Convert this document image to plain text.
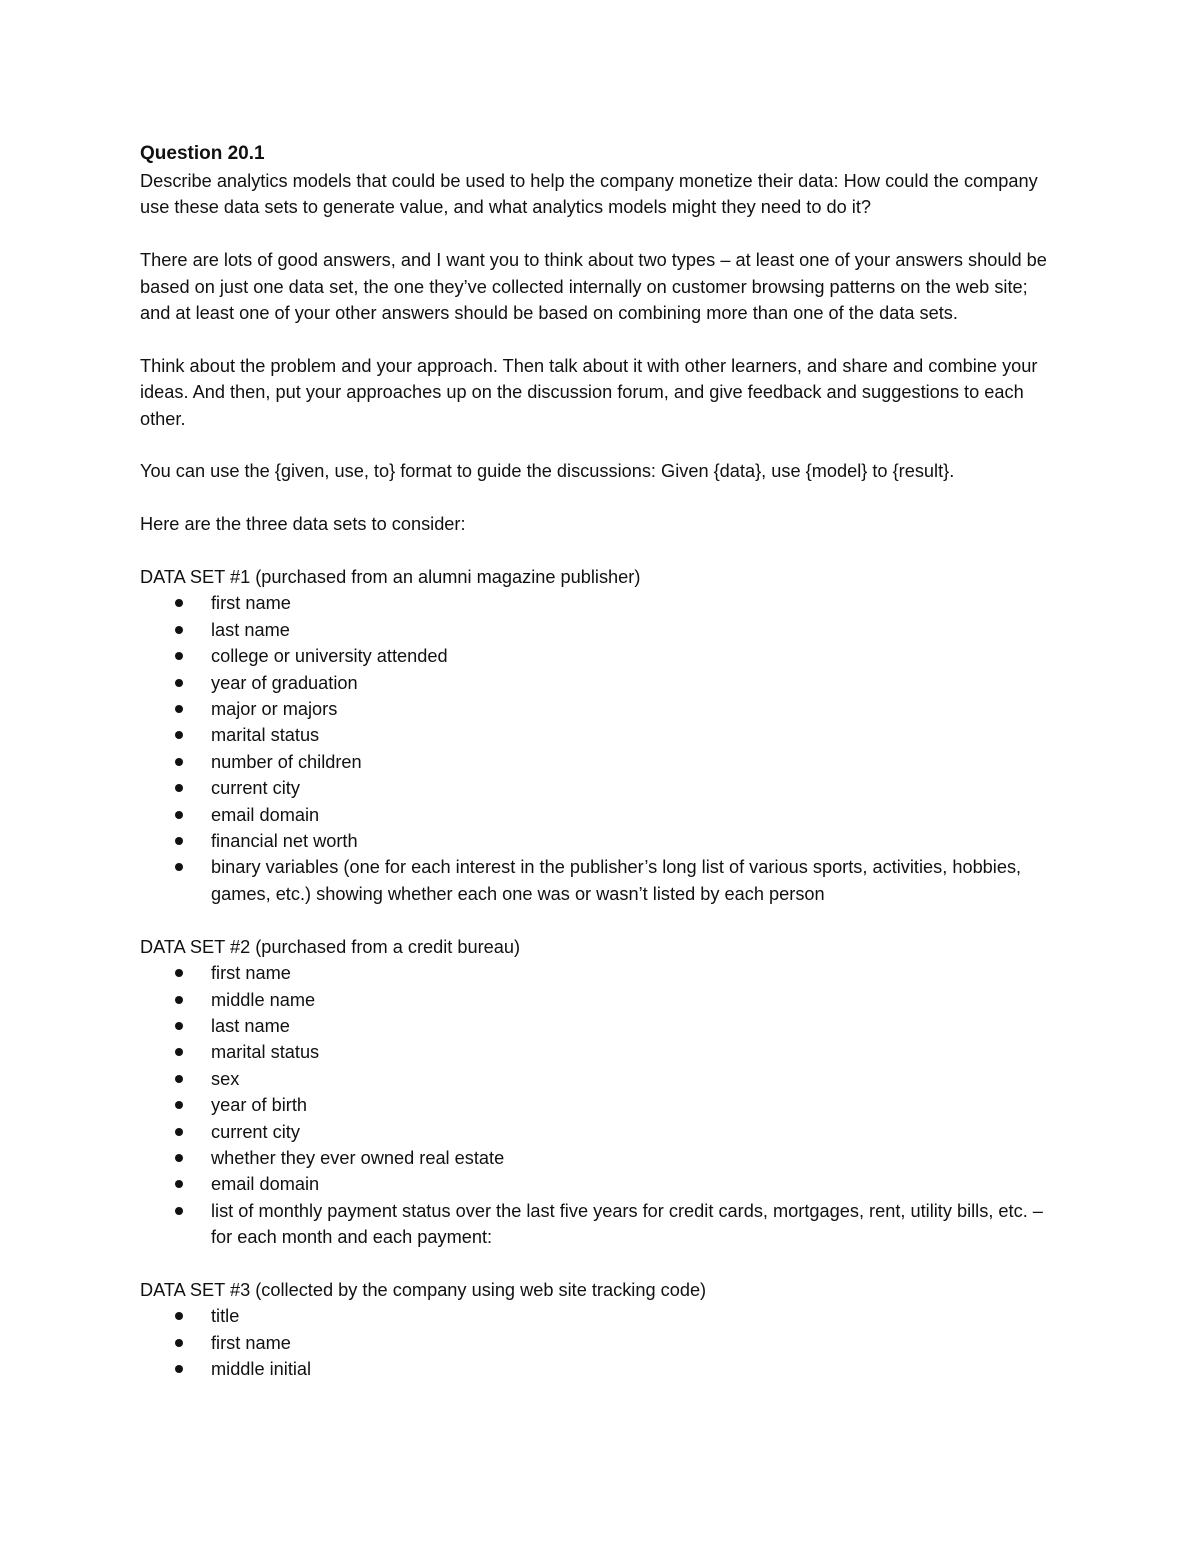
Question 20.1

Describe analytics models that could be used to help the company monetize their data: How could the company use these data sets to generate value, and what analytics models might they need to do it?

There are lots of good answers, and I want you to think about two types – at least one of your answers should be based on just one data set, the one they’ve collected internally on customer browsing patterns on the web site; and at least one of your other answers should be based on combining more than one of the data sets.

Think about the problem and your approach. Then talk about it with other learners, and share and combine your ideas. And then, put your approaches up on the discussion forum, and give feedback and suggestions to each other.

You can use the {given, use, to} format to guide the discussions: Given {data}, use {model} to {result}.

Here are the three data sets to consider:

DATA SET #1 (purchased from an alumni magazine publisher)

first name
last name
college or university attended
year of graduation
major or majors
marital status
number of children
current city
email domain
financial net worth
binary variables (one for each interest in the publisher’s long list of various sports, activities, hobbies, games, etc.) showing whether each one was or wasn’t listed by each person

DATA SET #2 (purchased from a credit bureau)

first name
middle name
last name
marital status
sex
year of birth
current city
whether they ever owned real estate
email domain
list of monthly payment status over the last five years for credit cards, mortgages, rent, utility bills, etc. – for each month and each payment:

DATA SET #3 (collected by the company using web site tracking code)

title
first name
middle initial
